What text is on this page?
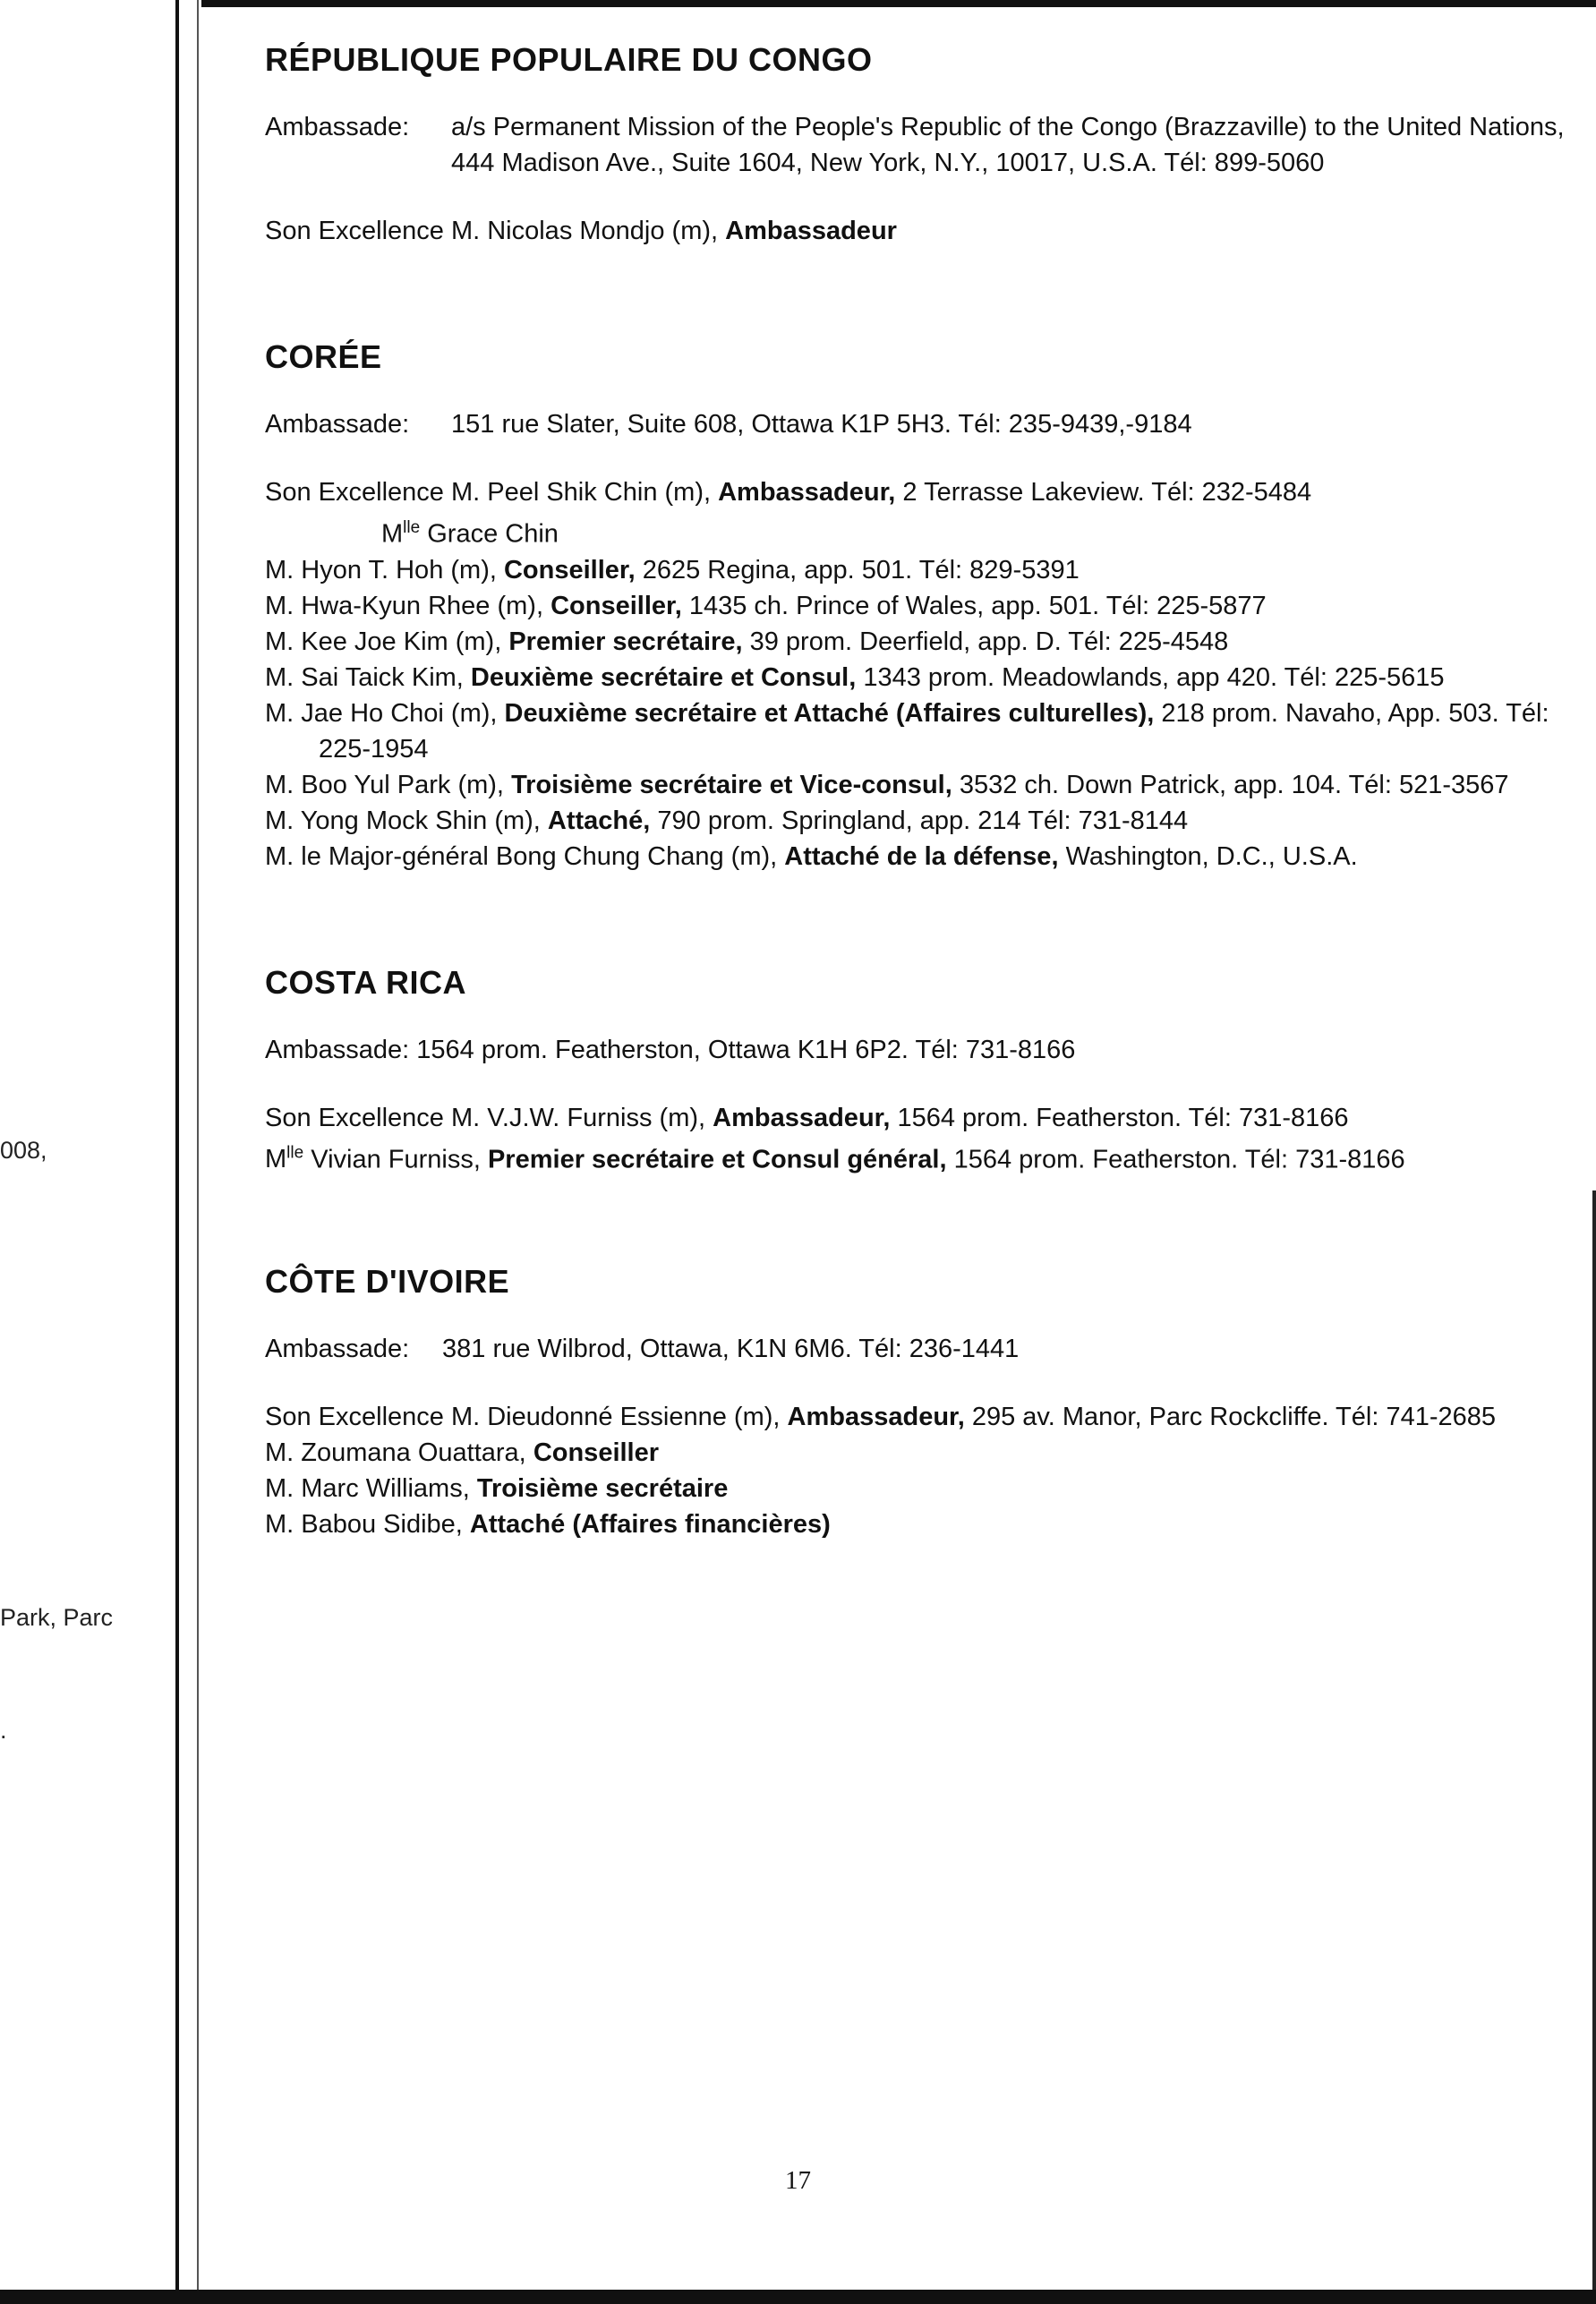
008,
Park, Parc
.
RÉPUBLIQUE POPULAIRE DU CONGO
Ambassade:	a/s Permanent Mission of the People's Republic of the Congo (Brazzaville) to the United Nations, 444 Madison Ave., Suite 1604, New York, N.Y., 10017, U.S.A. Tél: 899-5060
Son Excellence M. Nicolas Mondjo (m), Ambassadeur
CORÉE
Ambassade:	151 rue Slater, Suite 608, Ottawa K1P 5H3. Tél: 235-9439,-9184
Son Excellence M. Peel Shik Chin (m), Ambassadeur, 2 Terrasse Lakeview. Tél: 232-5484
$M^{lle}$ Grace Chin
M. Hyon T. Hoh (m), Conseiller, 2625 Regina, app. 501. Tél: 829-5391
M. Hwa-Kyun Rhee (m), Conseiller, 1435 ch. Prince of Wales, app. 501. Tél: 225-5877
M. Kee Joe Kim (m), Premier secrétaire, 39 prom. Deerfield, app. D. Tél: 225-4548
M. Sai Taick Kim, Deuxième secrétaire et Consul, 1343 prom. Meadowlands, app 420. Tél: 225-5615
M. Jae Ho Choi (m), Deuxième secrétaire et Attaché (Affaires culturelles), 218 prom. Navaho, App. 503. Tél: 225-1954
M. Boo Yul Park (m), Troisième secrétaire et Vice-consul, 3532 ch. Down Patrick, app. 104. Tél: 521-3567
M. Yong Mock Shin (m), Attaché, 790 prom. Springland, app. 214 Tél: 731-8144
M. le Major-général Bong Chung Chang (m), Attaché de la défense, Washington, D.C., U.S.A.
COSTA RICA
Ambassade:
1564 prom. Featherston, Ottawa K1H 6P2. Tél: 731-8166
Son Excellence M. V.J.W. Furniss (m), Ambassadeur, 1564 prom. Featherston. Tél: 731-8166
$M^{lle}$ Vivian Furniss, Premier secrétaire et Consul général, 1564 prom. Featherston. Tél: 731-8166
CÔTE D'IVOIRE
Ambassade:	381 rue Wilbrod, Ottawa, K1N 6M6. Tél: 236-1441
Son Excellence M. Dieudonné Essienne (m), Ambassadeur, 295 av. Manor, Parc Rockcliffe. Tél: 741-2685
M. Zoumana Ouattara, Conseiller
M. Marc Williams, Troisième secrétaire
M. Babou Sidibe, Attaché (Affaires financières)
17
